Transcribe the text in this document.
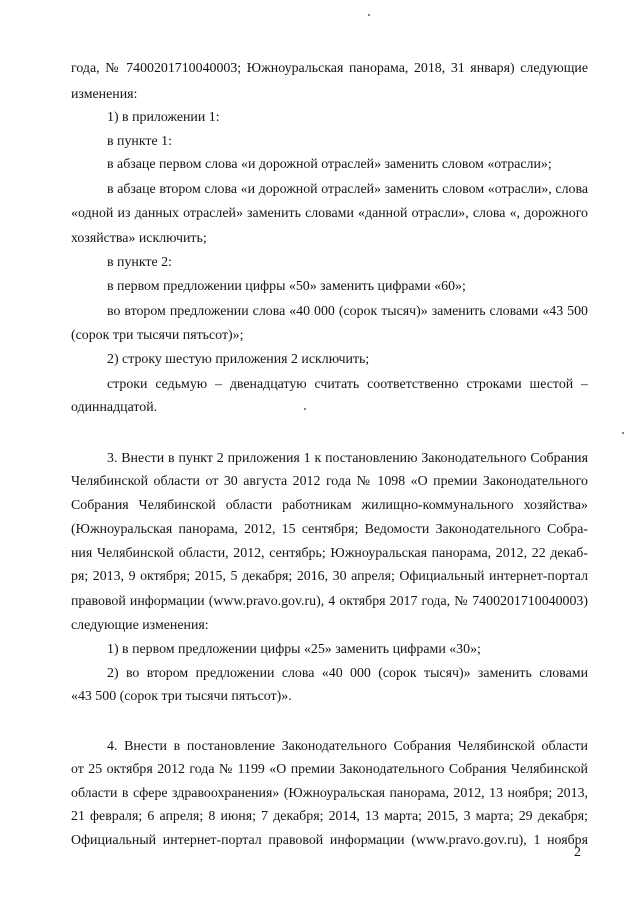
года, № 7400201710040003; Южноуральская панорама, 2018, 31 января) следующие

изменения:

1) в приложении 1:

в пункте 1:

в абзаце первом слова «и дорожной отраслей» заменить словом «отрасли»;

в абзаце втором слова «и дорожной отраслей» заменить словом «отрасли», слова

«одной из данных отраслей» заменить словами «данной отрасли», слова «, дорожного

хозяйства» исключить;

в пункте 2:

в первом предложении цифры «50» заменить цифрами «60»;

во втором предложении слова «40 000 (сорок тысяч)» заменить словами «43 500

(сорок три тысячи пятьсот)»;

2) строку шестую приложения 2 исключить;

строки седьмую – двенадцатую считать соответственно строками шестой –

одиннадцатой.

3. Внести в пункт 2 приложения 1 к постановлению Законодательного Собрания

Челябинской области от 30 августа 2012 года № 1098 «О премии Законодательного

Собрания Челябинской области работникам жилищно-коммунального хозяйства»

(Южноуральская панорама, 2012, 15 сентября; Ведомости Законодательного Собра-

ния Челябинской области, 2012, сентябрь; Южноуральская панорама, 2012, 22 декаб-

ря; 2013, 9 октября; 2015, 5 декабря; 2016, 30 апреля; Официальный интернет-портал

правовой информации (www.pravo.gov.ru), 4 октября 2017 года, № 7400201710040003)

следующие изменения:

1) в первом предложении цифры «25» заменить цифрами «30»;

2) во втором предложении слова «40 000 (сорок тысяч)» заменить словами

«43 500 (сорок три тысячи пятьсот)».

4. Внести в постановление Законодательного Собрания Челябинской области

от 25 октября 2012 года № 1199 «О премии Законодательного Собрания Челябинской

области в сфере здравоохранения» (Южноуральская панорама, 2012, 13 ноября; 2013,

21 февраля; 6 апреля; 8 июня; 7 декабря; 2014, 13 марта; 2015, 3 марта; 29 декабря;

Официальный интернет-портал правовой информации (www.pravo.gov.ru), 1 ноября

2
